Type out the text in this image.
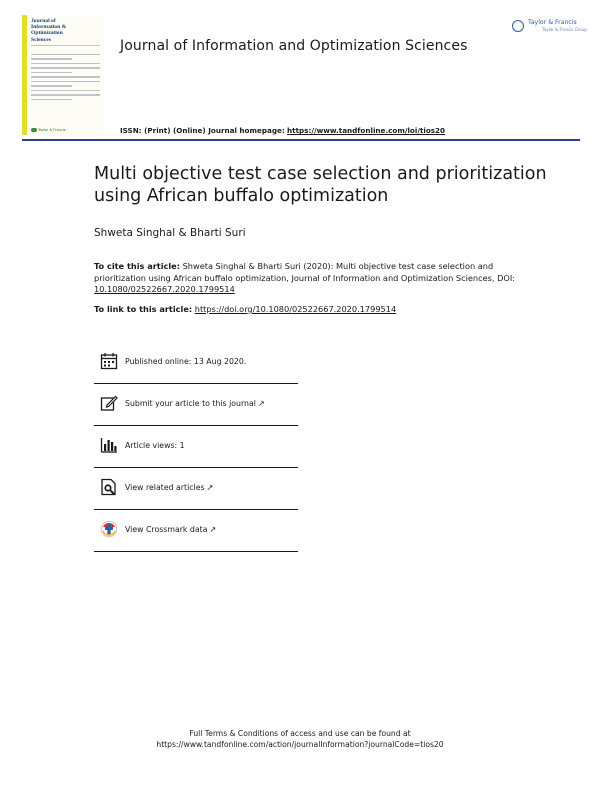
Journal of
Information &
Optimization Sciences
Taylor & Francis
Journal of Information and Optimization Sciences
ISSN: (Print) (Online) Journal homepage: https://www.tandfonline.com/loi/tios20
Taylor & Francis
Taylor & Francis Group
Multi objective test case selection and prioritization using African buffalo optimization
Shweta Singhal & Bharti Suri
To cite this article: Shweta Singhal & Bharti Suri (2020): Multi objective test case selection and prioritization using African buffalo optimization, Journal of Information and Optimization Sciences, DOI: 10.1080/02522667.2020.1799514
To link to this article: https://doi.org/10.1080/02522667.2020.1799514
Published online: 13 Aug 2020.
Submit your article to this journal ↗
Article views: 1
View related articles ↗
View Crossmark data ↗
Full Terms & Conditions of access and use can be found at
https://www.tandfonline.com/action/journalInformation?journalCode=tios20
